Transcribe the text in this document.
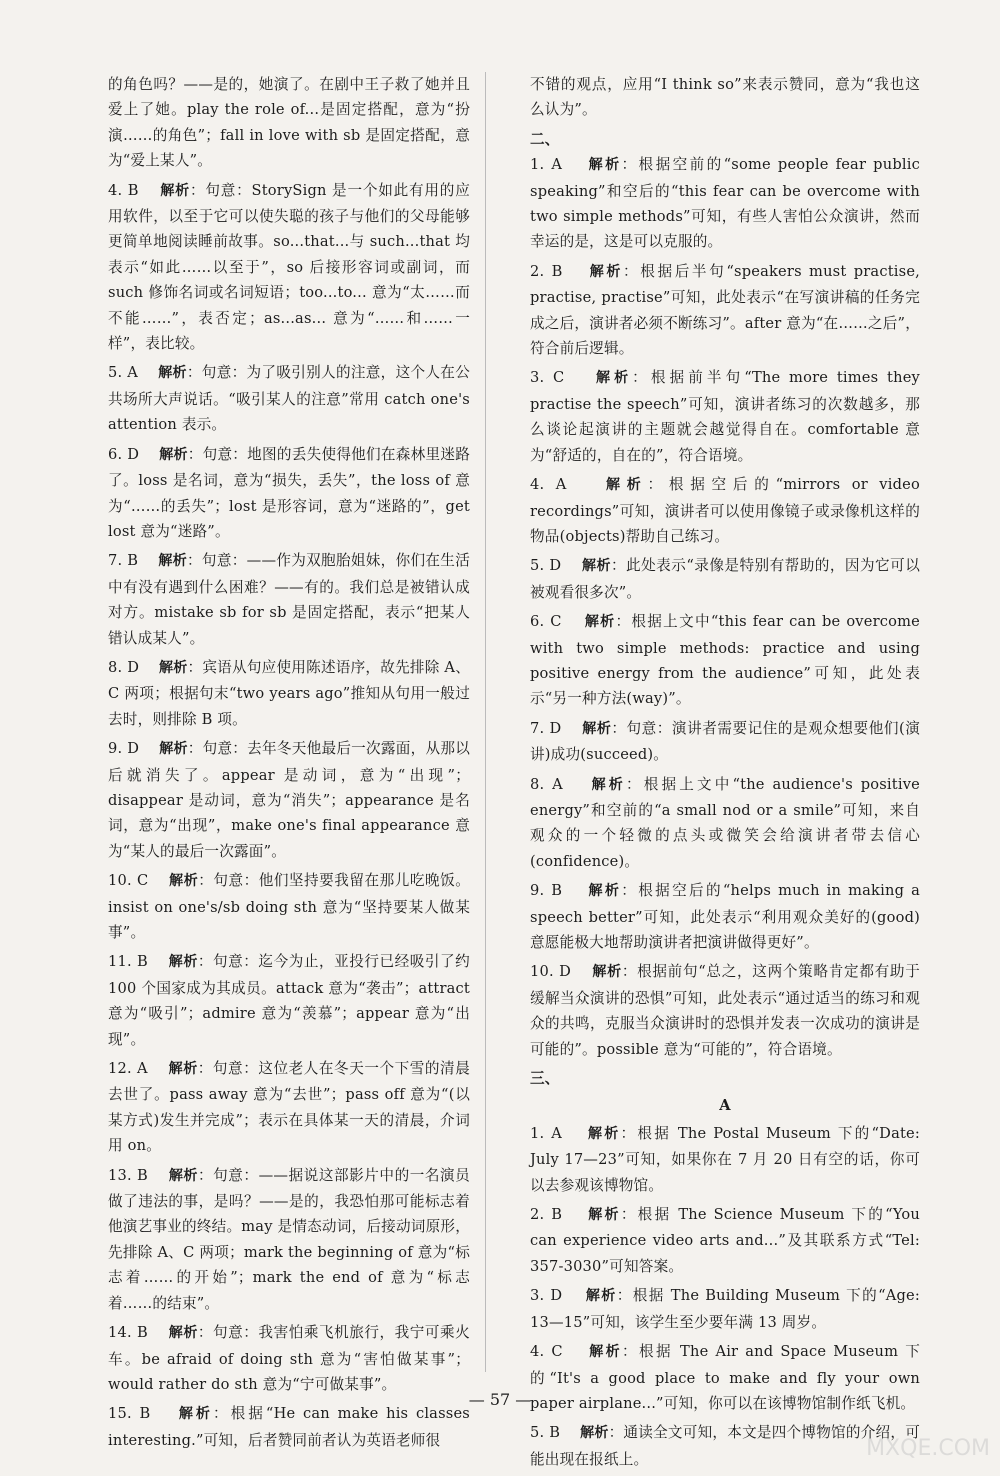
的角色吗？——是的，她演了。在剧中王子救了她并且爱上了她。play the role of...是固定搭配，意为“扮演……的角色”；fall in love with sb 是固定搭配，意为“爱上某人”。
4. B　 解析：句意：StorySign 是一个如此有用的应用软件，以至于它可以使失聪的孩子与他们的父母能够更简单地阅读睡前故事。so...that...与 such...that 均表示“如此……以至于”，so 后接形容词或副词，而 such 修饰名词或名词短语；too...to... 意为“太……而不能……”，表否定；as...as... 意为“……和……一样”，表比较。
5. A　 解析：句意：为了吸引别人的注意，这个人在公共场所大声说话。“吸引某人的注意”常用 catch one's attention 表示。
6. D　 解析：句意：地图的丢失使得他们在森林里迷路了。loss 是名词，意为“损失，丢失”，the loss of 意为“……的丢失”；lost 是形容词，意为“迷路的”，get lost 意为“迷路”。
7. B　 解析：句意：——作为双胞胎姐妹，你们在生活中有没有遇到什么困难？——有的。我们总是被错认成对方。mistake sb for sb 是固定搭配，表示“把某人错认成某人”。
8. D　 解析：宾语从句应使用陈述语序，故先排除 A、C 两项；根据句末“two years ago”推知从句用一般过去时，则排除 B 项。
9. D　 解析：句意：去年冬天他最后一次露面，从那以后就消失了。appear 是动词，意为“出现”；disappear 是动词，意为“消失”；appearance 是名词，意为“出现”，make one's final appearance 意为“某人的最后一次露面”。
10. C　 解析：句意：他们坚持要我留在那儿吃晚饭。insist on one's/sb doing sth 意为“坚持要某人做某事”。
11. B　 解析：句意：迄今为止，亚投行已经吸引了约 100 个国家成为其成员。attack 意为“袭击”；attract 意为“吸引”；admire 意为“羡慕”；appear 意为“出现”。
12. A　 解析：句意：这位老人在冬天一个下雪的清晨去世了。pass away 意为“去世”；pass off 意为“(以某方式)发生并完成”；表示在具体某一天的清晨，介词用 on。
13. B　 解析：句意：——据说这部影片中的一名演员做了违法的事，是吗？——是的，我恐怕那可能标志着他演艺事业的终结。may 是情态动词，后接动词原形，先排除 A、C 两项；mark the beginning of 意为“标志着……的开始”；mark the end of 意为“标志着……的结束”。
14. B　 解析：句意：我害怕乘飞机旅行，我宁可乘火车。be afraid of doing sth 意为“害怕做某事”；would rather do sth 意为“宁可做某事”。
15. B　 解析：根据“He can make his classes interesting.”可知，后者赞同前者认为英语老师很
不错的观点，应用“I think so”来表示赞同，意为“我也这么认为”。
二、
1. A　 解析：根据空前的“some people fear public speaking”和空后的“this fear can be overcome with two simple methods”可知，有些人害怕公众演讲，然而幸运的是，这是可以克服的。
2. B　 解析：根据后半句“speakers must practise, practise, practise”可知，此处表示“在写演讲稿的任务完成之后，演讲者必须不断练习”。after 意为“在……之后”，符合前后逻辑。
3. C　 解析：根据前半句“The more times they practise the speech”可知，演讲者练习的次数越多，那么谈论起演讲的主题就会越觉得自在。comfortable 意为“舒适的，自在的”，符合语境。
4. A　 解析：根据空后的“mirrors or video recordings”可知，演讲者可以使用像镜子或录像机这样的物品(objects)帮助自己练习。
5. D　 解析：此处表示“录像是特别有帮助的，因为它可以被观看很多次”。
6. C　 解析：根据上文中“this fear can be overcome with two simple methods: practice and using positive energy from the audience”可知，此处表示“另一种方法(way)”。
7. D　 解析：句意：演讲者需要记住的是观众想要他们(演讲)成功(succeed)。
8. A　 解析：根据上文中“the audience's positive energy”和空前的“a small nod or a smile”可知，来自观众的一个轻微的点头或微笑会给演讲者带去信心(confidence)。
9. B　 解析：根据空后的“helps much in making a speech better”可知，此处表示“利用观众美好的(good)意愿能极大地帮助演讲者把演讲做得更好”。
10. D　 解析：根据前句“总之，这两个策略肯定都有助于缓解当众演讲的恐惧”可知，此处表示“通过适当的练习和观众的共鸣，克服当众演讲时的恐惧并发表一次成功的演讲是可能的”。possible 意为“可能的”，符合语境。
三、
A
1. A　 解析：根据 The Postal Museum 下的“Date: July 17—23”可知，如果你在 7 月 20 日有空的话，你可以去参观该博物馆。
2. B　 解析：根据 The Science Museum 下的“You can experience video arts and...”及其联系方式“Tel: 357-3030”可知答案。
3. D　 解析：根据 The Building Museum 下的“Age: 13—15”可知，该学生至少要年满 13 周岁。
4. C　 解析：根据 The Air and Space Museum 下的“It's a good place to make and fly your own paper airplane...”可知，你可以在该博物馆制作纸飞机。
5. B　 解析：通读全文可知，本文是四个博物馆的介绍，可能出现在报纸上。
— 57 —
MXQE.COM
